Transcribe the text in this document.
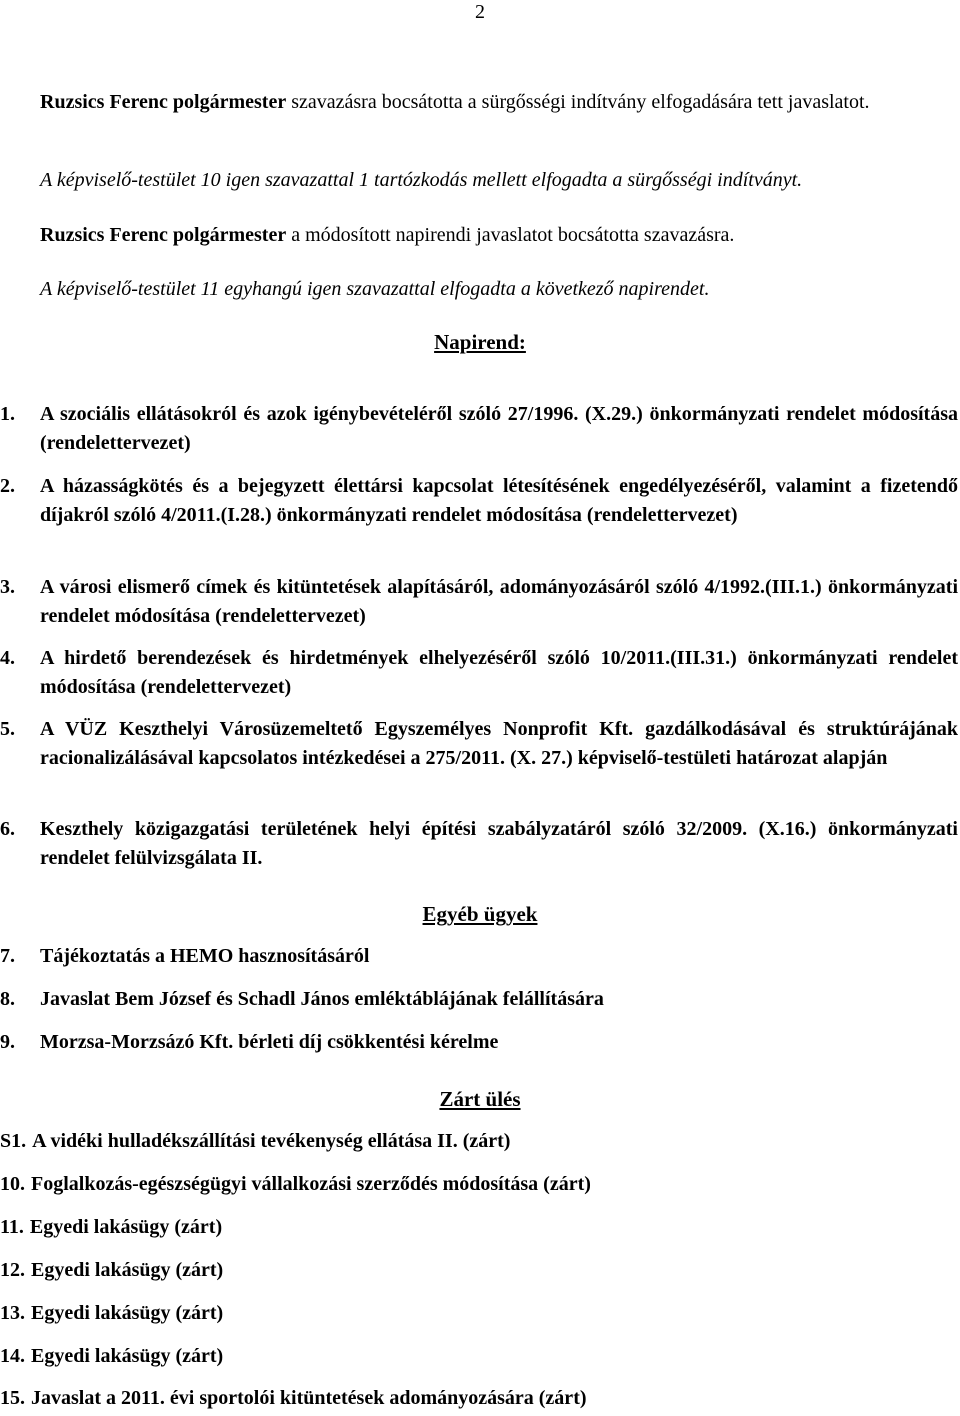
2
Ruzsics Ferenc polgármester szavazásra bocsátotta a sürgősségi indítvány elfogadására tett javaslatot.
A képviselő-testület 10 igen szavazattal 1 tartózkodás mellett elfogadta a sürgősségi indítványt.
Ruzsics Ferenc polgármester a módosított napirendi javaslatot bocsátotta szavazásra.
A képviselő-testület 11 egyhangú igen szavazattal elfogadta a következő napirendet.
Napirend:
1.	A szociális ellátásokról és azok igénybevételéről szóló 27/1996. (X.29.) önkormányzati rendelet módosítása (rendelettervezet)
2.	A házasságkötés és a bejegyzett élettársi kapcsolat létesítésének engedélyezéséről, valamint a fizetendő díjakról szóló 4/2011.(I.28.) önkormányzati rendelet módosítása (rendelettervezet)
3.	A városi elismerő címek és kitüntetések alapításáról, adományozásáról szóló 4/1992.(III.1.) önkormányzati rendelet módosítása (rendelettervezet)
4.	A hirdető berendezések és hirdetmények elhelyezéséről szóló 10/2011.(III.31.) önkormányzati rendelet módosítása (rendelettervezet)
5.	A VÜZ Keszthelyi Városüzemeltető Egyszemélyes Nonprofit Kft. gazdálkodásával és struktúrájának racionalizálásával kapcsolatos intézkedései a 275/2011. (X. 27.) képviselő-testületi határozat alapján
6.	Keszthely közigazgatási területének helyi építési szabályzatáról szóló 32/2009. (X.16.) önkormányzati rendelet felülvizsgálata II.
Egyéb ügyek
7.	Tájékoztatás a HEMO hasznosításáról
8.	Javaslat Bem József és Schadl János emléktáblájának felállítására
9.	Morzsa-Morzsázó Kft. bérleti díj csökkentési kérelme
Zárt ülés
S1. A vidéki hulladékszállítási tevékenység ellátása II. (zárt)
10. Foglalkozás-egészségügyi vállalkozási szerződés módosítása (zárt)
11. Egyedi lakásügy (zárt)
12. Egyedi lakásügy (zárt)
13. Egyedi lakásügy (zárt)
14. Egyedi lakásügy (zárt)
15. Javaslat a 2011. évi sportolói kitüntetések adományozására (zárt)
